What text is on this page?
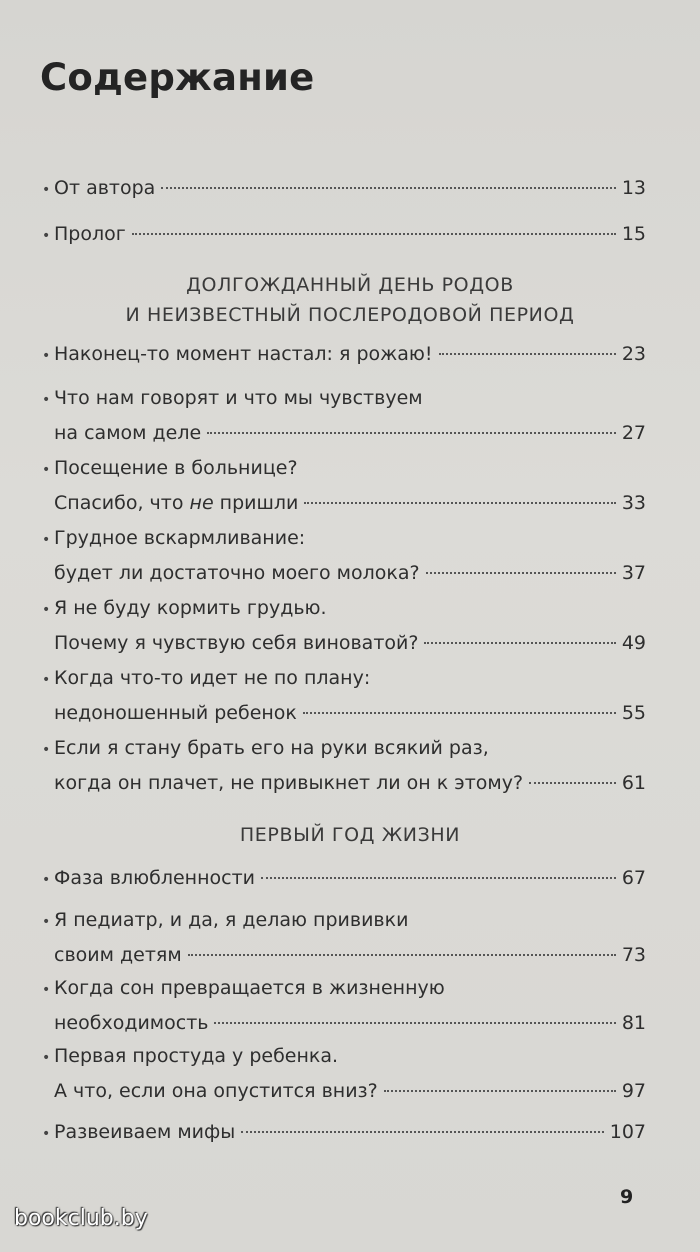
Содержание
• От автора	13
• Пролог	15
ДОЛГОЖДАННЫЙ ДЕНЬ РОДОВ
И НЕИЗВЕСТНЫЙ ПОСЛЕРОДОВОЙ ПЕРИОД
• Наконец-то момент настал: я рожаю!	23
• Что нам говорят и что мы чувствуем
на самом деле	27
• Посещение в больнице?
Спасибо, что не пришли	33
• Грудное вскармливание:
будет ли достаточно моего молока?	37
• Я не буду кормить грудью.
Почему я чувствую себя виноватой?	49
• Когда что-то идет не по плану:
недоношенный ребенок	55
• Если я стану брать его на руки всякий раз,
когда он плачет, не привыкнет ли он к этому?	61
ПЕРВЫЙ ГОД ЖИЗНИ
• Фаза влюбленности	67
• Я педиатр, и да, я делаю прививки
своим детям	73
• Когда сон превращается в жизненную
необходимость	81
• Первая простуда у ребенка.
А что, если она опустится вниз?	97
• Развеиваем мифы	107
9
bookclub.by
